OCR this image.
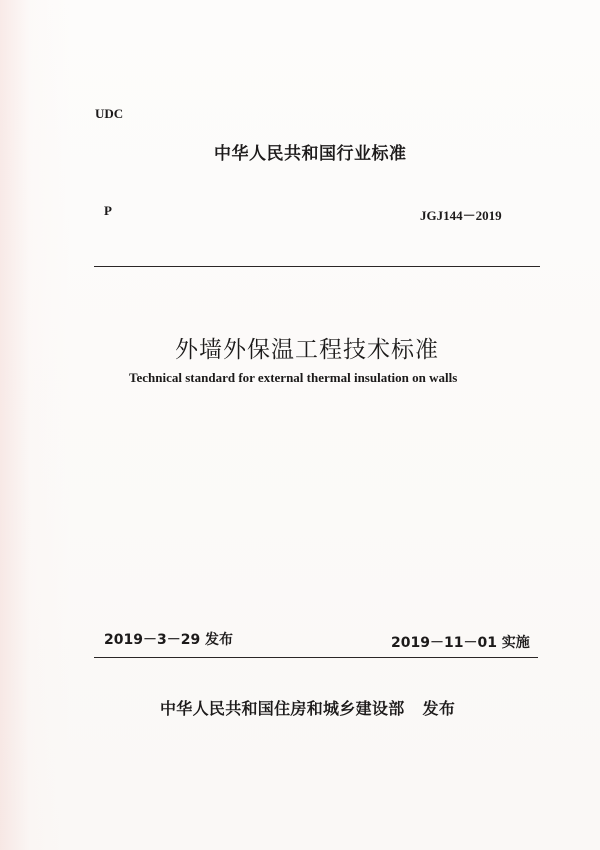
UDC
中华人民共和国行业标准
P	JGJ144－2019
外墙外保温工程技术标准
Technical standard for external thermal insulation on walls
2019－3－29 发布	2019－11－01 实施
中华人民共和国住房和城乡建设部 发布
